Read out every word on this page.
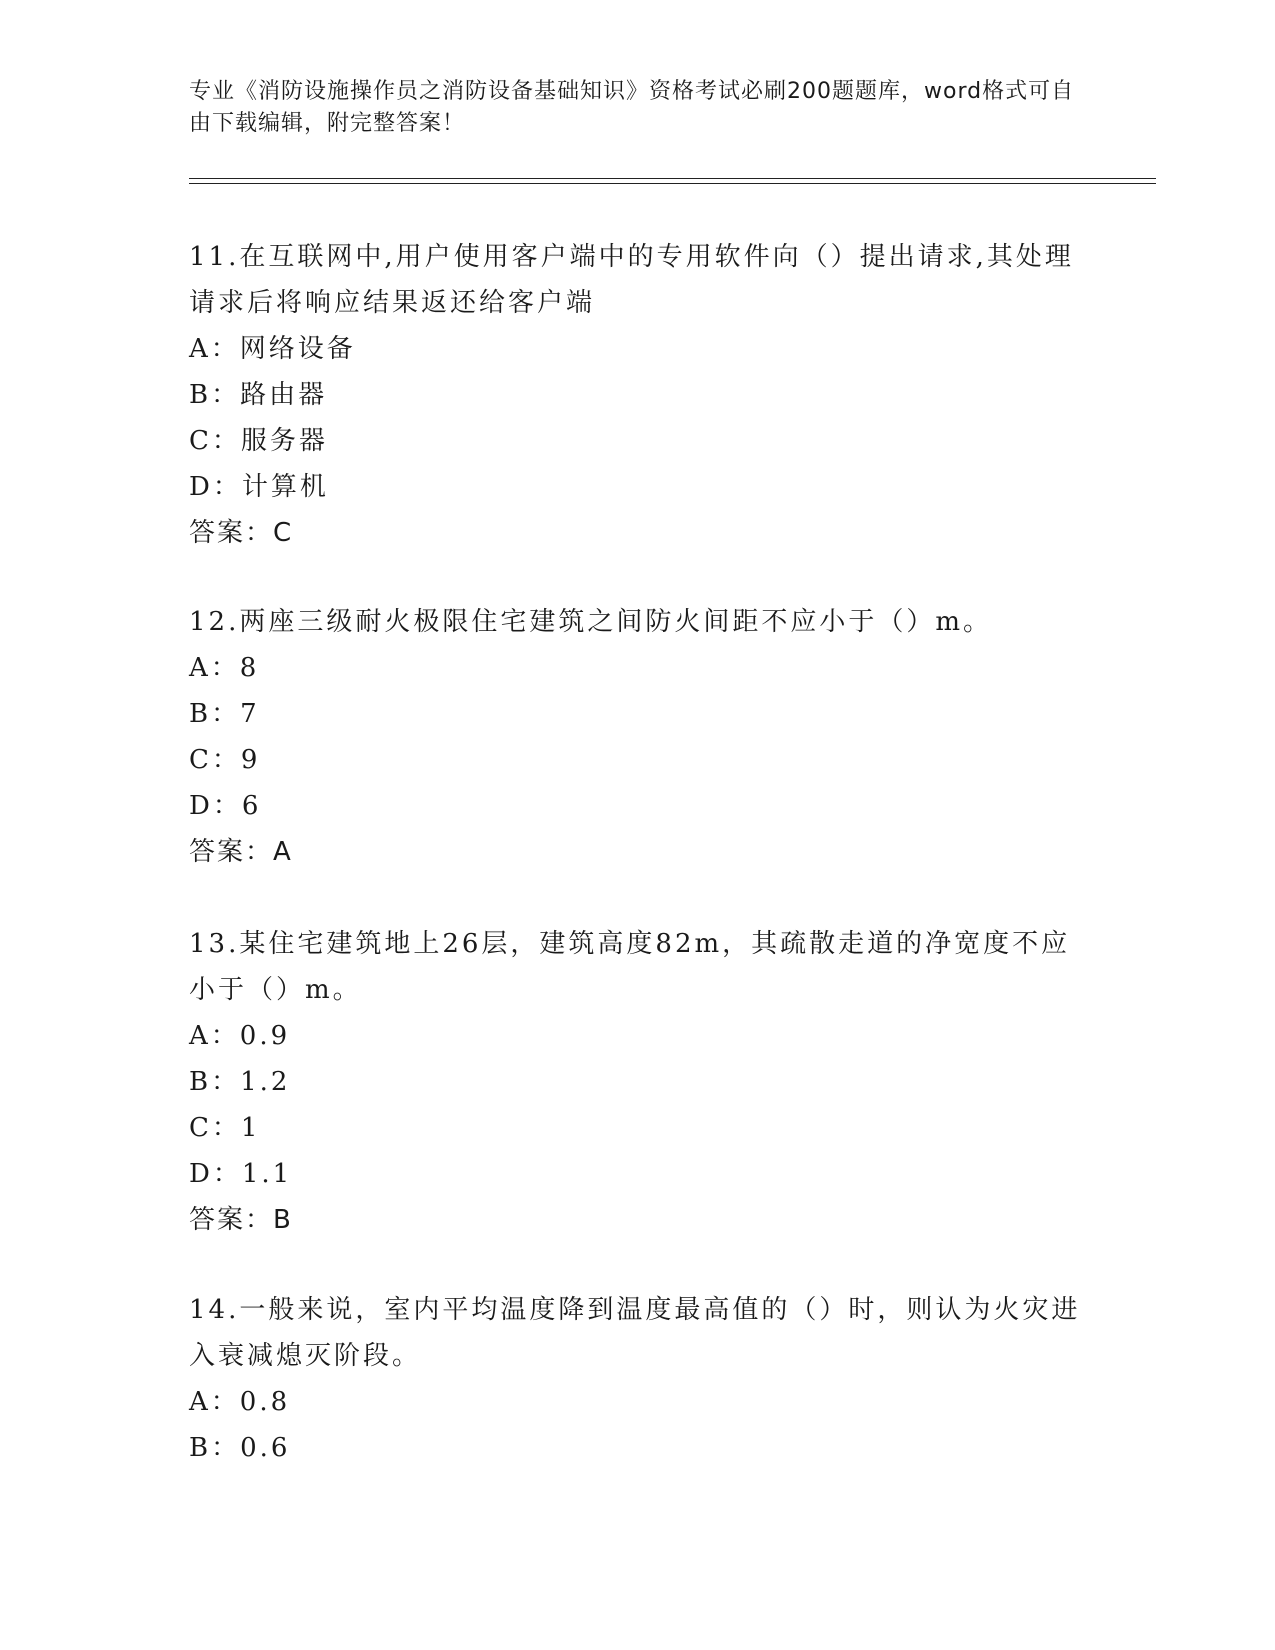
专业《消防设施操作员之消防设备基础知识》资格考试必刷200题题库，word格式可自由下载编辑，附完整答案！

11.在互联网中,用户使用客户端中的专用软件向（）提出请求,其处理请求后将响应结果返还给客户端

A：网络设备

B：路由器

C：服务器

D：计算机

答案：C

12.两座三级耐火极限住宅建筑之间防火间距不应小于（）m。

A：8

B：7

C：9

D：6

答案：A

13.某住宅建筑地上26层，建筑高度82m，其疏散走道的净宽度不应小于（）m。

A：0.9

B：1.2

C：1

D：1.1

答案：B

14.一般来说，室内平均温度降到温度最高值的（）时，则认为火灾进入衰减熄灭阶段。

A：0.8

B：0.6
